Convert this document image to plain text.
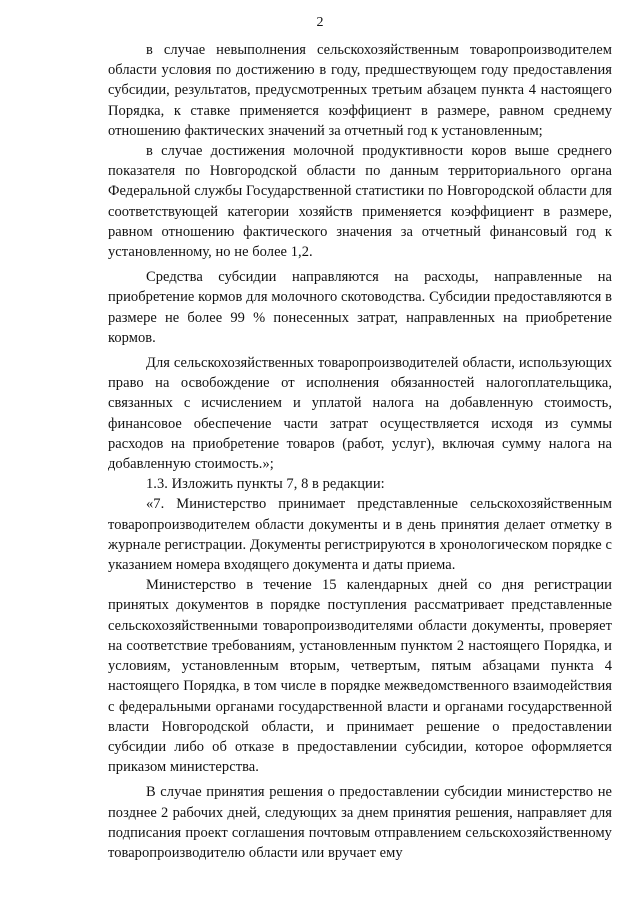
2

в случае невыполнения сельскохозяйственным товаропроизводителем области условия по достижению в году, предшествующем году предоставления субсидии, результатов, предусмотренных третьим абзацем пункта 4 настоящего Порядка, к ставке применяется коэффициент в размере, равном среднему отношению фактических значений за отчетный год к установленным;

в случае достижения молочной продуктивности коров выше среднего показателя по Новгородской области по данным территориального органа Федеральной службы Государственной статистики по Новгородской области для соответствующей категории хозяйств применяется коэффициент в размере, равном отношению фактического значения за отчетный финансовый год к установленному, но не более 1,2.

Средства субсидии направляются на расходы, направленные на приобретение кормов для молочного скотоводства. Субсидии предоставляются в размере не более 99 % понесенных затрат, направленных на приобретение кормов.

Для сельскохозяйственных товаропроизводителей области, использующих право на освобождение от исполнения обязанностей налогоплательщика, связанных с исчислением и уплатой налога на добавленную стоимость, финансовое обеспечение части затрат осуществляется исходя из суммы расходов на приобретение товаров (работ, услуг), включая сумму налога на добавленную стоимость.»;

1.3. Изложить пункты 7, 8 в редакции:

«7. Министерство принимает представленные сельскохозяйственным товаропроизводителем области документы и в день принятия делает отметку в журнале регистрации. Документы регистрируются в хронологическом порядке с указанием номера входящего документа и даты приема.

Министерство в течение 15 календарных дней со дня регистрации принятых документов в порядке поступления рассматривает представленные сельскохозяйственными товаропроизводителями области документы, проверяет на соответствие требованиям, установленным пунктом 2 настоящего Порядка, и условиям, установленным вторым, четвертым, пятым абзацами пункта 4 настоящего Порядка, в том числе в порядке межведомственного взаимодействия с федеральными органами государственной власти и органами государственной власти Новгородской области, и принимает решение о предоставлении субсидии либо об отказе в предоставлении субсидии, которое оформляется приказом министерства.

В случае принятия решения о предоставлении субсидии министерство не позднее 2 рабочих дней, следующих за днем принятия решения, направляет для подписания проект соглашения почтовым отправлением сельскохозяйственному товаропроизводителю области или вручает ему
